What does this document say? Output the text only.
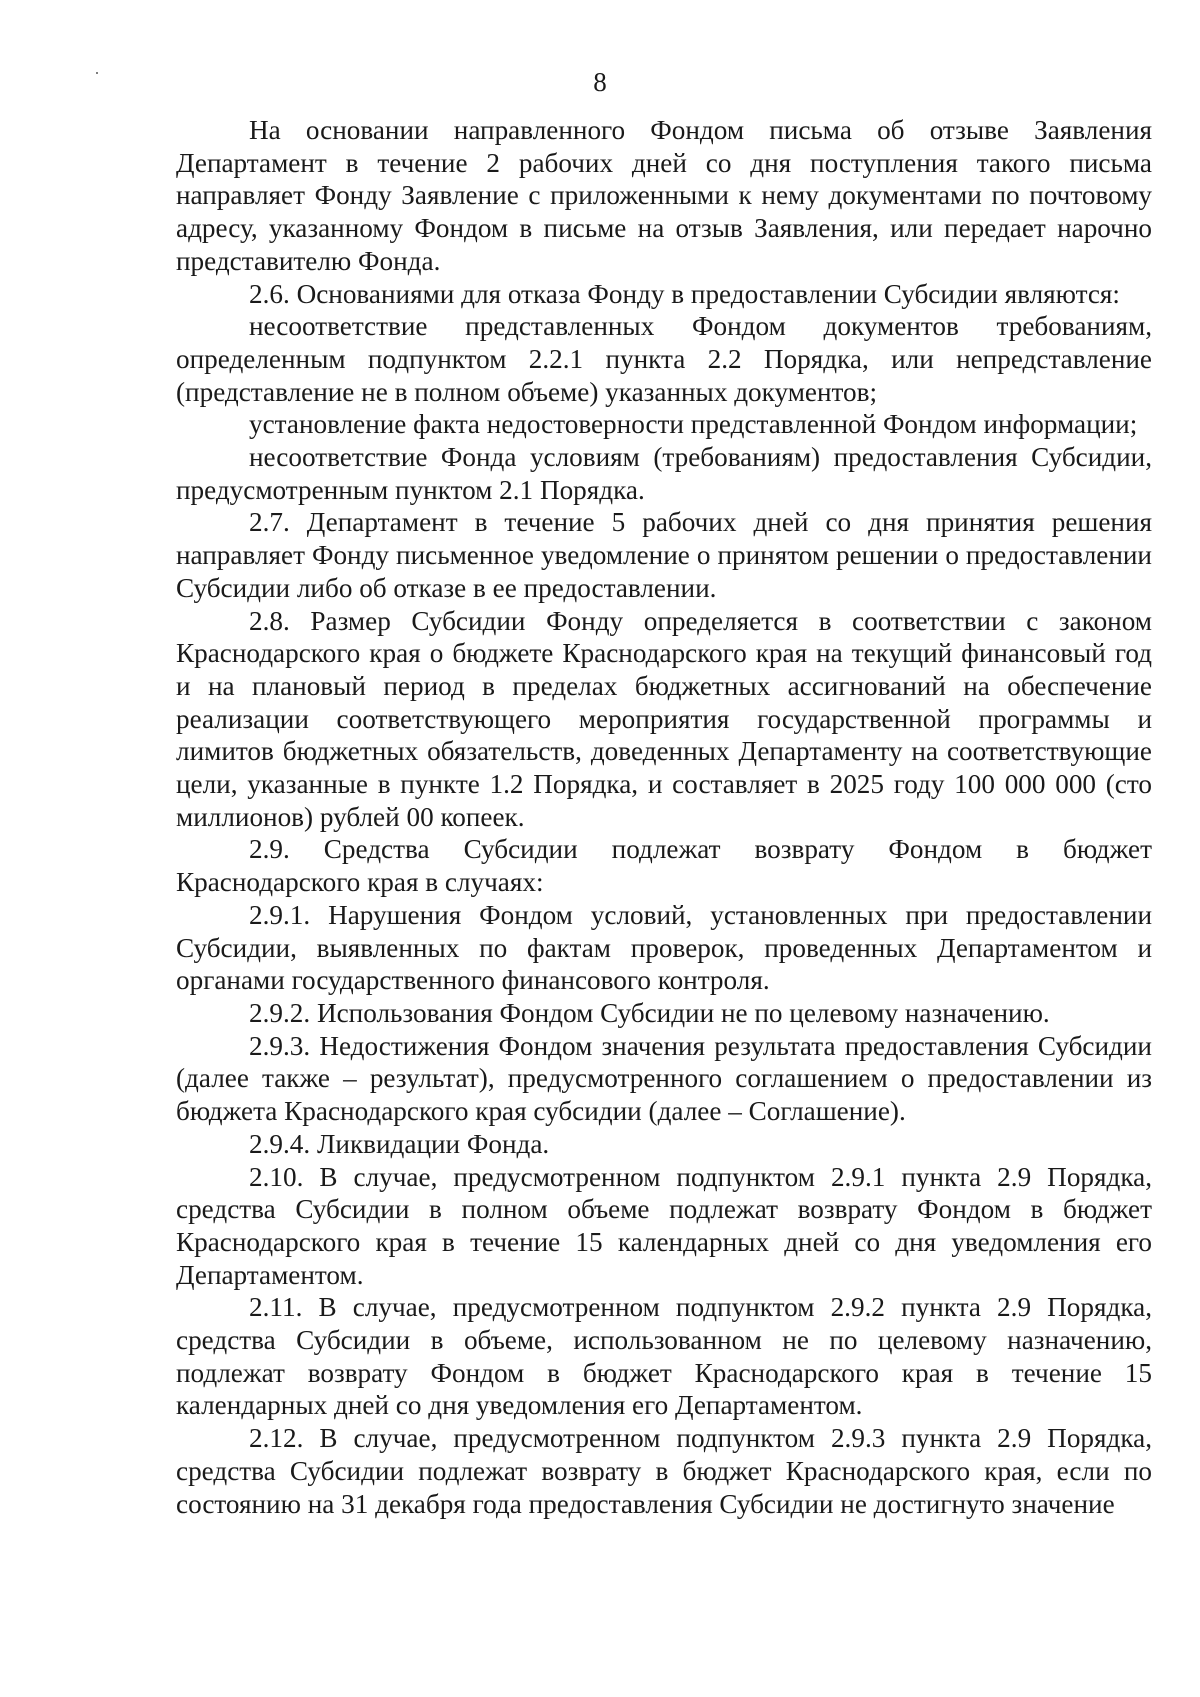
8

На основании направленного Фондом письма об отзыве Заявления Департамент в течение 2 рабочих дней со дня поступления такого письма направляет Фонду Заявление с приложенными к нему документами по почтовому адресу, указанному Фондом в письме на отзыв Заявления, или передает нарочно представителю Фонда.

2.6. Основаниями для отказа Фонду в предоставлении Субсидии являются:

несоответствие представленных Фондом документов требованиям, определенным подпунктом 2.2.1 пункта 2.2 Порядка, или непредставление (представление не в полном объеме) указанных документов;

установление факта недостоверности представленной Фондом информации;

несоответствие Фонда условиям (требованиям) предоставления Субсидии, предусмотренным пунктом 2.1 Порядка.

2.7. Департамент в течение 5 рабочих дней со дня принятия решения направляет Фонду письменное уведомление о принятом решении о предоставлении Субсидии либо об отказе в ее предоставлении.

2.8. Размер Субсидии Фонду определяется в соответствии с законом Краснодарского края о бюджете Краснодарского края на текущий финансовый год и на плановый период в пределах бюджетных ассигнований на обеспечение реализации соответствующего мероприятия государственной программы и лимитов бюджетных обязательств, доведенных Департаменту на соответствующие цели, указанные в пункте 1.2 Порядка, и составляет в 2025 году 100 000 000 (сто миллионов) рублей 00 копеек.

2.9. Средства Субсидии подлежат возврату Фондом в бюджет Краснодарского края в случаях:

2.9.1. Нарушения Фондом условий, установленных при предоставлении Субсидии, выявленных по фактам проверок, проведенных Департаментом и органами государственного финансового контроля.

2.9.2. Использования Фондом Субсидии не по целевому назначению.

2.9.3. Недостижения Фондом значения результата предоставления Субсидии (далее также – результат), предусмотренного соглашением о предоставлении из бюджета Краснодарского края субсидии (далее – Соглашение).

2.9.4. Ликвидации Фонда.

2.10. В случае, предусмотренном подпунктом 2.9.1 пункта 2.9 Порядка, средства Субсидии в полном объеме подлежат возврату Фондом в бюджет Краснодарского края в течение 15 календарных дней со дня уведомления его Департаментом.

2.11. В случае, предусмотренном подпунктом 2.9.2 пункта 2.9 Порядка, средства Субсидии в объеме, использованном не по целевому назначению, подлежат возврату Фондом в бюджет Краснодарского края в течение 15 календарных дней со дня уведомления его Департаментом.

2.12. В случае, предусмотренном подпунктом 2.9.3 пункта 2.9 Порядка, средства Субсидии подлежат возврату в бюджет Краснодарского края, если по состоянию на 31 декабря года предоставления Субсидии не достигнуто значение
